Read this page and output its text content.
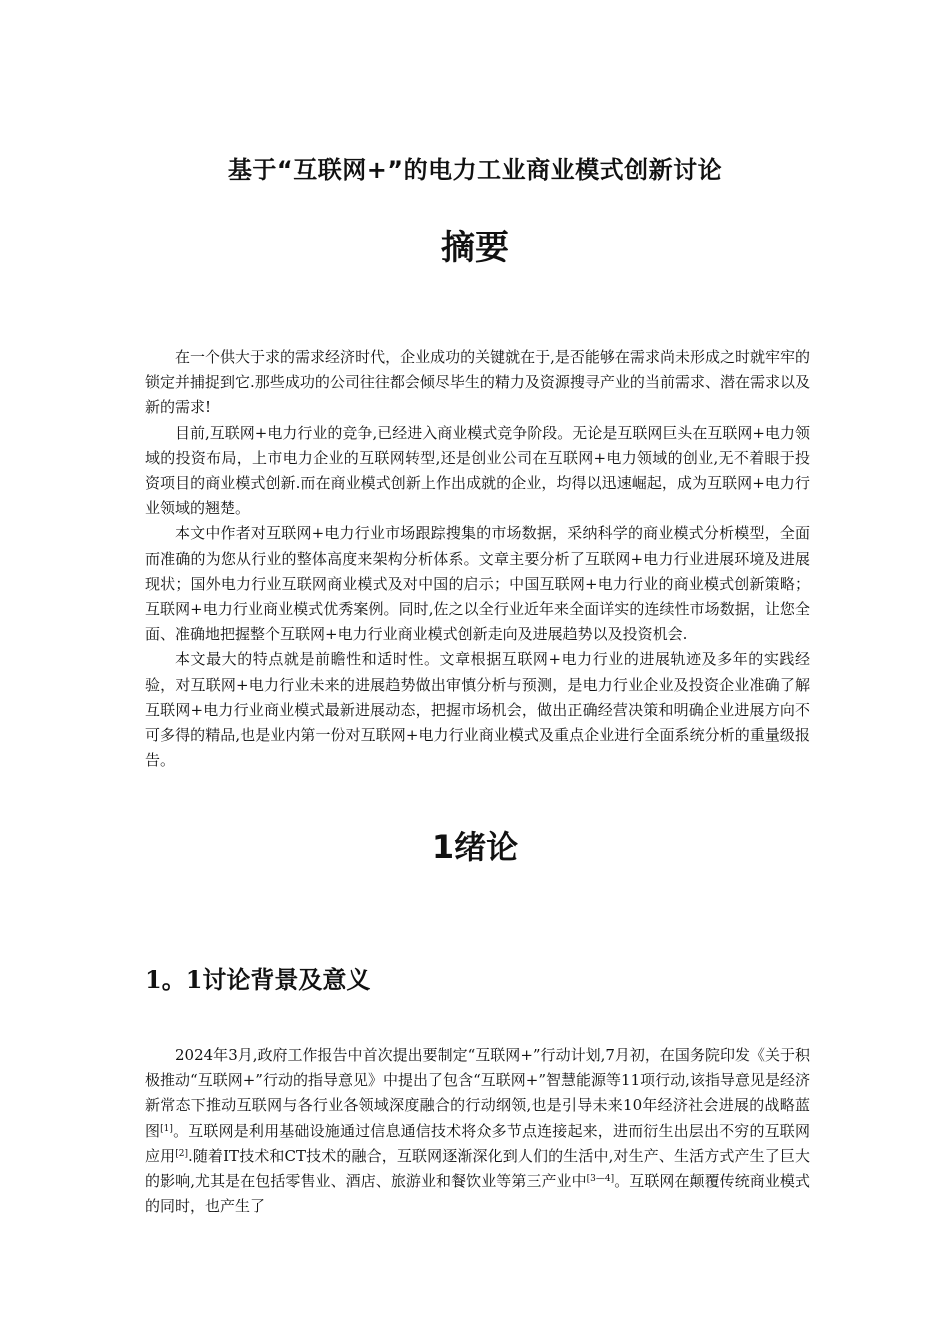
基于“互联网+”的电力工业商业模式创新讨论
摘要

在一个供大于求的需求经济时代，企业成功的关键就在于,是否能够在需求尚未形成之时就牢牢的锁定并捕捉到它.那些成功的公司往往都会倾尽毕生的精力及资源搜寻产业的当前需求、潜在需求以及新的需求!

目前,互联网+电力行业的竞争,已经进入商业模式竞争阶段。无论是互联网巨头在互联网+电力领域的投资布局，上市电力企业的互联网转型,还是创业公司在互联网+电力领域的创业,无不着眼于投资项目的商业模式创新.而在商业模式创新上作出成就的企业，均得以迅速崛起，成为互联网+电力行业领域的翘楚。

本文中作者对互联网+电力行业市场跟踪搜集的市场数据，采纳科学的商业模式分析模型，全面而准确的为您从行业的整体高度来架构分析体系。文章主要分析了互联网+电力行业进展环境及进展现状；国外电力行业互联网商业模式及对中国的启示；中国互联网+电力行业的商业模式创新策略；互联网+电力行业商业模式优秀案例。同时,佐之以全行业近年来全面详实的连续性市场数据，让您全面、准确地把握整个互联网+电力行业商业模式创新走向及进展趋势以及投资机会.

本文最大的特点就是前瞻性和适时性。文章根据互联网+电力行业的进展轨迹及多年的实践经验，对互联网+电力行业未来的进展趋势做出审慎分析与预测，是电力行业企业及投资企业准确了解互联网+电力行业商业模式最新进展动态，把握市场机会，做出正确经营决策和明确企业进展方向不可多得的精品,也是业内第一份对互联网+电力行业商业模式及重点企业进行全面系统分析的重量级报告。

1绪论
1。1讨论背景及意义

2024年3月,政府工作报告中首次提出要制定“互联网+”行动计划,7月初，在国务院印发《关于积极推动“互联网+”行动的指导意见》中提出了包含“互联网+”智慧能源等11项行动,该指导意见是经济新常态下推动互联网与各行业各领域深度融合的行动纲领,也是引导未来10年经济社会进展的战略蓝图[1]。互联网是利用基础设施通过信息通信技术将众多节点连接起来，进而衍生出层出不穷的互联网应用[2].随着IT技术和CT技术的融合，互联网逐渐深化到人们的生活中,对生产、生活方式产生了巨大的影响,尤其是在包括零售业、酒店、旅游业和餐饮业等第三产业中[3—4]。互联网在颠覆传统商业模式的同时，也产生了
